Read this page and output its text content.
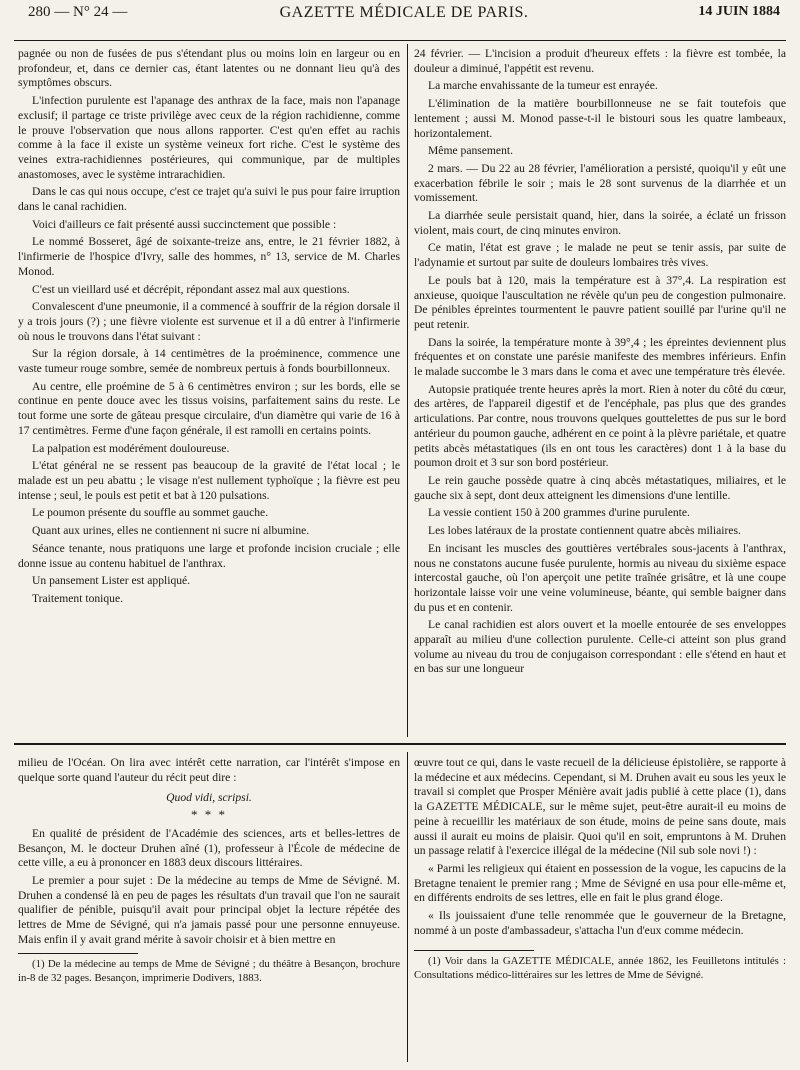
280 — N° 24 —	GAZETTE MÉDICALE DE PARIS.	14 JUIN 1884

pagnée ou non de fusées de pus s'étendant plus ou moins loin en largeur ou en profondeur, et, dans ce dernier cas, étant latentes ou ne donnant lieu qu'à des symptômes obscurs.

L'infection purulente est l'apanage des anthrax de la face, mais non l'apanage exclusif; il partage ce triste privilège avec ceux de la région rachidienne, comme le prouve l'observation que nous allons rapporter. C'est qu'en effet au rachis comme à la face il existe un système veineux fort riche. C'est le système des veines extra-rachidiennes postérieures, qui communique, par de multiples anastomoses, avec le système intrarachidien.

Dans le cas qui nous occupe, c'est ce trajet qu'a suivi le pus pour faire irruption dans le canal rachidien.

Voici d'ailleurs ce fait présenté aussi succinctement que possible :

Le nommé Bosseret, âgé de soixante-treize ans, entre, le 21 février 1882, à l'infirmerie de l'hospice d'Ivry, salle des hommes, n° 13, service de M. Charles Monod.

C'est un vieillard usé et décrépit, répondant assez mal aux questions.

Convalescent d'une pneumonie, il a commencé à souffrir de la région dorsale il y a trois jours (?) ; une fièvre violente est survenue et il a dû entrer à l'infirmerie où nous le trouvons dans l'état suivant :

Sur la région dorsale, à 14 centimètres de la proéminence, commence une vaste tumeur rouge sombre, semée de nombreux pertuis à fonds bourbillonneux.

Au centre, elle proémine de 5 à 6 centimètres environ ; sur les bords, elle se continue en pente douce avec les tissus voisins, parfaitement sains du reste. Le tout forme une sorte de gâteau presque circulaire, d'un diamètre qui varie de 16 à 17 centimètres. Ferme d'une façon générale, il est ramolli en certains points.

La palpation est modérément douloureuse.

L'état général ne se ressent pas beaucoup de la gravité de l'état local ; le malade est un peu abattu ; le visage n'est nullement typhoïque ; la fièvre est peu intense ; seul, le pouls est petit et bat à 120 pulsations.

Le poumon présente du souffle au sommet gauche.

Quant aux urines, elles ne contiennent ni sucre ni albumine.

Séance tenante, nous pratiquons une large et profonde incision cruciale ; elle donne issue au contenu habituel de l'anthrax.

Un pansement Lister est appliqué.

Traitement tonique.

24 février. — L'incision a produit d'heureux effets : la fièvre est tombée, la douleur a diminué, l'appétit est revenu.

La marche envahissante de la tumeur est enrayée.

L'élimination de la matière bourbillonneuse ne se fait toutefois que lentement ; aussi M. Monod passe-t-il le bistouri sous les quatre lambeaux, horizontalement.

Même pansement.

2 mars. — Du 22 au 28 février, l'amélioration a persisté, quoiqu'il y eût une exacerbation fébrile le soir ; mais le 28 sont survenus de la diarrhée et un vomissement.

La diarrhée seule persistait quand, hier, dans la soirée, a éclaté un frisson violent, mais court, de cinq minutes environ.

Ce matin, l'état est grave ; le malade ne peut se tenir assis, par suite de l'adynamie et surtout par suite de douleurs lombaires très vives.

Le pouls bat à 120, mais la température est à 37°,4. La respiration est anxieuse, quoique l'auscultation ne révèle qu'un peu de congestion pulmonaire. De pénibles épreintes tourmentent le pauvre patient souillé par l'urine qu'il ne peut retenir.

Dans la soirée, la température monte à 39°,4 ; les épreintes deviennent plus fréquentes et on constate une parésie manifeste des membres inférieurs. Enfin le malade succombe le 3 mars dans le coma et avec une température très élevée.

Autopsie pratiquée trente heures après la mort. Rien à noter du côté du cœur, des artères, de l'appareil digestif et de l'encéphale, pas plus que des grandes articulations. Par contre, nous trouvons quelques gouttelettes de pus sur le bord antérieur du poumon gauche, adhérent en ce point à la plèvre pariétale, et quatre petits abcès métastatiques (ils en ont tous les caractères) dont 1 à la base du poumon droit et 3 sur son bord postérieur.

Le rein gauche possède quatre à cinq abcès métastatiques, miliaires, et le gauche six à sept, dont deux atteignent les dimensions d'une lentille.

La vessie contient 150 à 200 grammes d'urine purulente.

Les lobes latéraux de la prostate contiennent quatre abcès miliaires.

En incisant les muscles des gouttières vertébrales sous-jacents à l'anthrax, nous ne constatons aucune fusée purulente, hormis au niveau du sixième espace intercostal gauche, où l'on aperçoit une petite traînée grisâtre, et là une coupe horizontale laisse voir une veine volumineuse, béante, qui semble baigner dans du pus et en contenir.

Le canal rachidien est alors ouvert et la moelle entourée de ses enveloppes apparaît au milieu d'une collection purulente. Celle-ci atteint son plus grand volume au niveau du trou de conjugaison correspondant : elle s'étend en haut et en bas sur une longueur

milieu de l'Océan. On lira avec intérêt cette narration, car l'intérêt s'impose en quelque sorte quand l'auteur du récit peut dire :

Quod vidi, scripsi.

* * *

En qualité de président de l'Académie des sciences, arts et belles-lettres de Besançon, M. le docteur Druhen aîné (1), professeur à l'École de médecine de cette ville, a eu à prononcer en 1883 deux discours littéraires.

Le premier a pour sujet : De la médecine au temps de Mme de Sévigné. M. Druhen a condensé là en peu de pages les résultats d'un travail que l'on ne saurait qualifier de pénible, puisqu'il avait pour principal objet la lecture répétée des lettres de Mme de Sévigné, qui n'a jamais passé pour une personne ennuyeuse. Mais enfin il y avait grand mérite à savoir choisir et à bien mettre en

(1) De la médecine au temps de Mme de Sévigné ; du théâtre à Besançon, brochure in-8 de 32 pages. Besançon, imprimerie Dodivers, 1883.

œuvre tout ce qui, dans le vaste recueil de la délicieuse épistolière, se rapporte à la médecine et aux médecins. Cependant, si M. Druhen avait eu sous les yeux le travail si complet que Prosper Ménière avait jadis publié à cette place (1), dans la GAZETTE MÉDICALE, sur le même sujet, peut-être aurait-il eu moins de peine à recueillir les matériaux de son étude, moins de peine sans doute, mais aussi il aurait eu moins de plaisir. Quoi qu'il en soit, empruntons à M. Druhen un passage relatif à l'exercice illégal de la médecine (Nil sub sole novi !) :

« Parmi les religieux qui étaient en possession de la vogue, les capucins de la Bretagne tenaient le premier rang ; Mme de Sévigné en usa pour elle-même et, en différents endroits de ses lettres, elle en fait le plus grand éloge.

« Ils jouissaient d'une telle renommée que le gouverneur de la Bretagne, nommé à un poste d'ambassadeur, s'attacha l'un d'eux comme médecin.

(1) Voir dans la GAZETTE MÉDICALE, année 1862, les Feuilletons intitulés : Consultations médico-littéraires sur les lettres de Mme de Sévigné.
